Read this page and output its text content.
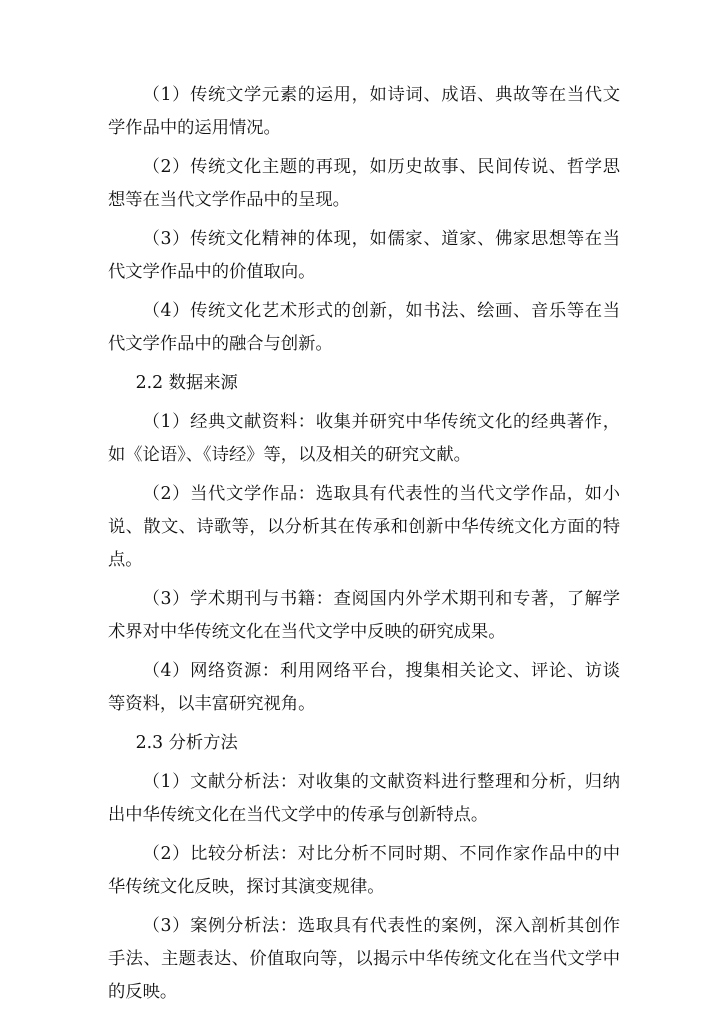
（1）传统文学元素的运用，如诗词、成语、典故等在当代文学作品中的运用情况。

（2）传统文化主题的再现，如历史故事、民间传说、哲学思想等在当代文学作品中的呈现。

（3）传统文化精神的体现，如儒家、道家、佛家思想等在当代文学作品中的价值取向。

（4）传统文化艺术形式的创新，如书法、绘画、音乐等在当代文学作品中的融合与创新。

2.2 数据来源

（1）经典文献资料：收集并研究中华传统文化的经典著作，如《论语》、《诗经》等，以及相关的研究文献。

（2）当代文学作品：选取具有代表性的当代文学作品，如小说、散文、诗歌等，以分析其在传承和创新中华传统文化方面的特点。

（3）学术期刊与书籍：查阅国内外学术期刊和专著，了解学术界对中华传统文化在当代文学中反映的研究成果。

（4）网络资源：利用网络平台，搜集相关论文、评论、访谈等资料，以丰富研究视角。

2.3 分析方法

（1）文献分析法：对收集的文献资料进行整理和分析，归纳出中华传统文化在当代文学中的传承与创新特点。

（2）比较分析法：对比分析不同时期、不同作家作品中的中华传统文化反映，探讨其演变规律。

（3）案例分析法：选取具有代表性的案例，深入剖析其创作手法、主题表达、价值取向等，以揭示中华传统文化在当代文学中的反映。
